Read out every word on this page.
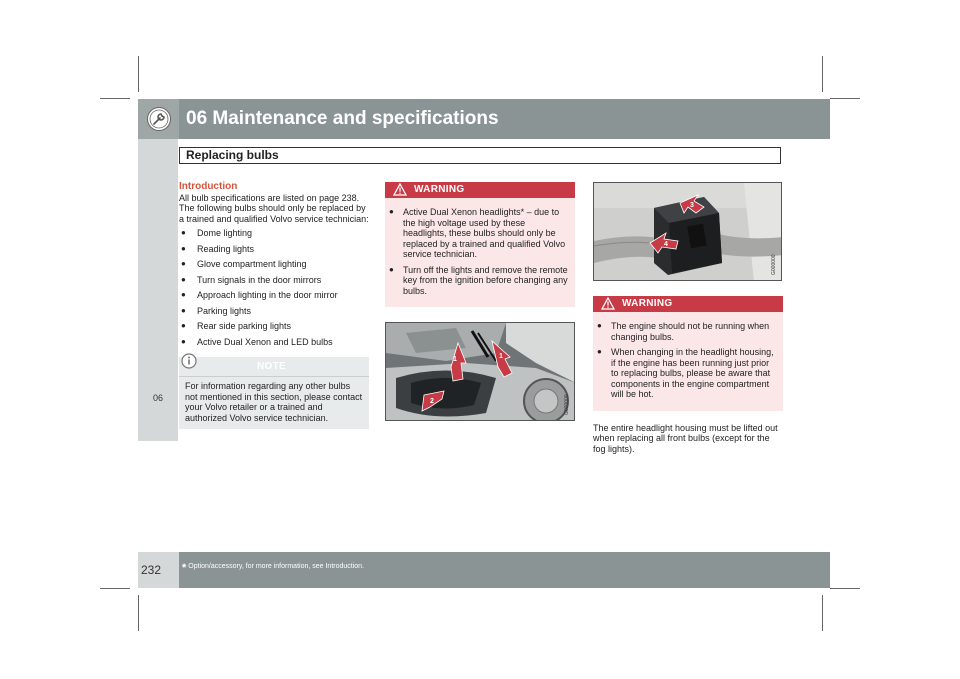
06 Maintenance and specifications
Replacing bulbs
06
Introduction

All bulb specifications are listed on page 238. The following bulbs should only be replaced by a trained and qualified Volvo service technician:

● Dome lighting
● Reading lights
● Glove compartment lighting
● Turn signals in the door mirrors
● Approach lighting in the door mirror
● Parking lights
● Rear side parking lights
● Active Dual Xenon and LED bulbs
NOTE
For information regarding any other bulbs not mentioned in this section, please contact your Volvo retailer or a trained and authorized Volvo service technician.
WARNING
● Active Dual Xenon headlights* – due to the high voltage used by these headlights, these bulbs should only be replaced by a trained and qualified Volvo service technician.
● Turn off the lights and remove the remote key from the ignition before changing any bulbs.
1	1
2	G000000
3
4
G000000
WARNING
● The engine should not be running when changing bulbs.
● When changing in the headlight housing, if the engine has been running just prior to replacing bulbs, please be aware that components in the engine compartment will be hot.

The entire headlight housing must be lifted out when replacing all front bulbs (except for the fog lights).

232 * Option/accessory, for more information, see Introduction.
